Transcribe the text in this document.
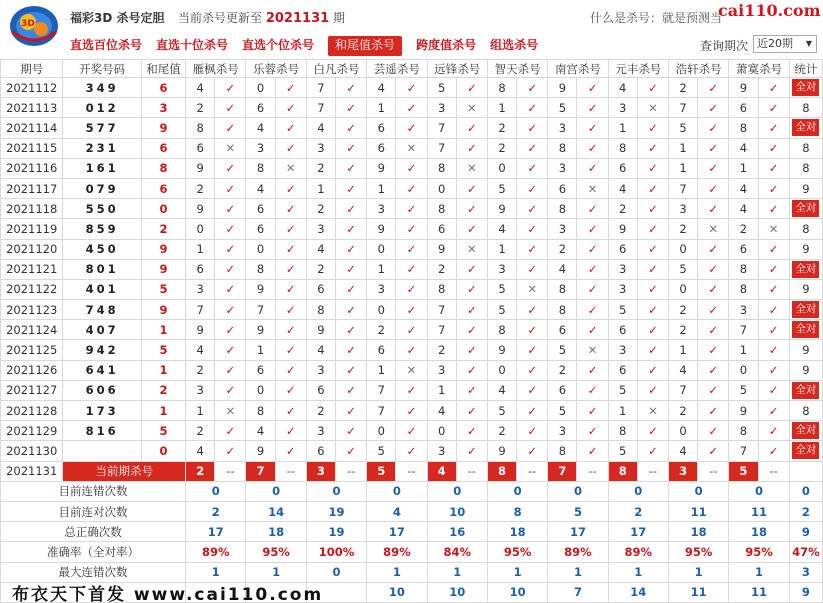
3D	福彩3D 杀号定胆 当前杀号更新至 2021131 期	什么是杀号：就是预测当
cai110.com
直选百位杀号 直选十位杀号 直选个位杀号	和尾值杀号	跨度值杀号 组选杀号	查询期次 近20期 ▼
期号	开奖号码	和尾值	雁枫杀号		乐蓉杀号		白凡杀号		芸遥杀号		远锋杀号		智天杀号		南宫杀号		元丰杀号		浩轩杀号		萧寞杀号		统计
2021112	349	6	4	✓	0	✓	7	✓	4	✓	5	✓	8	✓	9	✓	4	✓	2	✓	9	✓	全对
2021113	012	3	2	✓	6	✓	7	✓	1	✓	3	✕	1	✓	5	✓	3	✕	7	✓	6	✓	8
2021114	577	9	8	✓	4	✓	4	✓	6	✓	7	✓	2	✓	3	✓	1	✓	5	✓	8	✓	全对
2021115	231	6	6	✕	3	✓	3	✓	6	✕	7	✓	2	✓	8	✓	8	✓	1	✓	4	✓	8
2021116	161	8	9	✓	8	✕	2	✓	9	✓	8	✕	0	✓	3	✓	6	✓	1	✓	1	✓	8
2021117	079	6	2	✓	4	✓	1	✓	1	✓	0	✓	5	✓	6	✕	4	✓	7	✓	4	✓	9
2021118	550	0	9	✓	6	✓	2	✓	3	✓	8	✓	9	✓	8	✓	2	✓	3	✓	4	✓	全对
2021119	859	2	0	✓	6	✓	3	✓	9	✓	6	✓	4	✓	3	✓	9	✓	2	✕	2	✕	8
2021120	450	9	1	✓	0	✓	4	✓	0	✓	9	✕	1	✓	2	✓	6	✓	0	✓	6	✓	9
2021121	801	9	6	✓	8	✓	2	✓	1	✓	2	✓	3	✓	4	✓	3	✓	5	✓	8	✓	全对
2021122	401	5	3	✓	9	✓	6	✓	3	✓	8	✓	5	✕	8	✓	3	✓	0	✓	8	✓	9
2021123	748	9	7	✓	7	✓	8	✓	0	✓	7	✓	5	✓	8	✓	5	✓	2	✓	3	✓	全对
2021124	407	1	9	✓	9	✓	9	✓	2	✓	7	✓	8	✓	6	✓	6	✓	2	✓	7	✓	全对
2021125	942	5	4	✓	1	✓	4	✓	6	✓	2	✓	9	✓	5	✕	3	✓	1	✓	1	✓	9
2021126	641	1	2	✓	6	✓	3	✓	1	✕	3	✓	0	✓	2	✓	6	✓	4	✓	0	✓	9
2021127	606	2	3	✓	0	✓	6	✓	7	✓	1	✓	4	✓	6	✓	5	✓	7	✓	5	✓	全对
2021128	173	1	1	✕	8	✓	2	✓	7	✓	4	✓	5	✓	5	✓	1	✕	2	✓	9	✓	8
2021129	816	5	2	✓	4	✓	3	✓	0	✓	0	✓	2	✓	3	✓	8	✓	0	✓	8	✓	全对
2021130		0	4	✓	9	✓	6	✓	5	✓	3	✓	9	✓	8	✓	5	✓	4	✓	7	✓	全对
2021131	当前期杀号		2	--	7	--	3	--	5	--	4	--	8	--	7	--	8	--	3	--	5	--	
目前连错次数			0		0		0		0		0		0		0		0		0		0		0
目前连对次数			2		14		19		4		10		8		5		2		11		11		2
总正确次数			17		18		19		17		16		18		17		17		18		18		9
准确率（全对率）			89%		95%		100%		89%		84%		95%		89%		89%		95%		95%		47%
最大连错次数			1		1		0		1		1		1		1		1		1		1		3
									10		10		10		7		14		11		11		9
布衣天下首发 www.cai110.com
